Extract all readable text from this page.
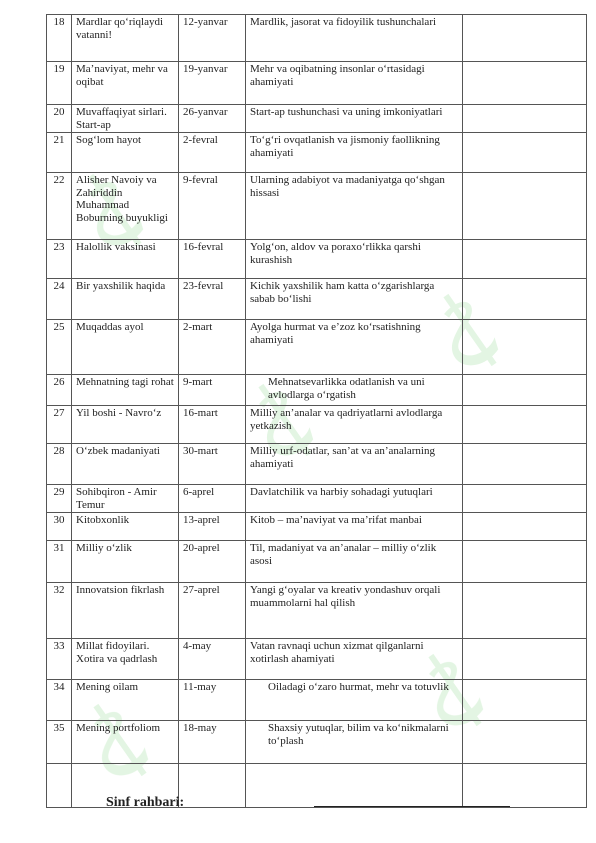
18	Mardlar qo‘riqlaydi vatanni!	12-yanvar	Mardlik, jasorat va fidoyilik tushunchalari	
19	Ma’naviyat, mehr va oqibat	19-yanvar	Mehr va oqibatning insonlar o‘rtasidagi ahamiyati	
20	Muvaffaqiyat sirlari. Start-ap	26-yanvar	Start-ap tushunchasi va uning imkoniyatlari	
21	Sog‘lom hayot	2-fevral	To‘g‘ri ovqatlanish va jismoniy faollikning ahamiyati	
22	Alisher Navoiy va Zahiriddin Muhammad Boburning buyukligi	9-fevral	Ularning adabiyot va madaniyatga qo‘shgan hissasi	
23	Halollik vaksinasi	16-fevral	Yolg‘on, aldov va poraxo‘rlikka qarshi kurashish	
24	Bir yaxshilik haqida	23-fevral	Kichik yaxshilik ham katta o‘zgarishlarga sabab bo‘lishi	
25	Muqaddas ayol	2-mart	Ayolga hurmat va e’zoz ko‘rsatishning ahamiyati	
26	Mehnatning tagi rohat	9-mart	Mehnatsevarlikka odatlanish va uni avlodlarga o‘rgatish	
27	Yil boshi - Navro‘z	16-mart	Milliy an’analar va qadriyatlarni avlodlarga yetkazish	
28	O‘zbek madaniyati	30-mart	Milliy urf-odatlar, san’at va an’analarning ahamiyati	
29	Sohibqiron - Amir Temur	6-aprel	Davlatchilik va harbiy sohadagi yutuqlari	
30	Kitobxonlik	13-aprel	Kitob – ma’naviyat va ma’rifat manbai	
31	Milliy o‘zlik	20-aprel	Til, madaniyat va an’analar – milliy o‘zlik asosi	
32	Innovatsion fikrlash	27-aprel	Yangi g‘oyalar va kreativ yondashuv orqali muammolarni hal qilish	
33	Millat fidoyilari. Xotira va qadrlash	4-may	Vatan ravnaqi uchun xizmat qilganlarni xotirlash ahamiyati	
34	Mening oilam	11-may	Oiladagi o‘zaro hurmat, mehr va totuvlik	
35	Mening portfoliom	18-may	Shaxsiy yutuqlar, bilim va ko‘nikmalarni to‘plash	

Sinf rahbari:
